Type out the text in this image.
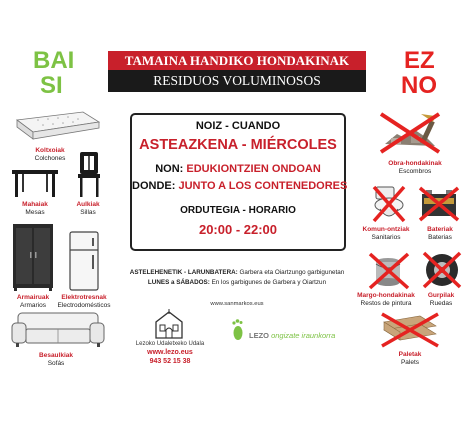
BAI
SI
EZ
NO
TAMAINA HANDIKO HONDAKINAK
RESIDUOS VOLUMINOSOS
NOIZ - CUANDO
ASTEAZKENA - MIÉRCOLES
NON: EDUKIONTZIEN ONDOAN
DONDE: JUNTO A LOS CONTENEDORES
ORDUTEGIA - HORARIO
20:00 - 22:00
ASTELEHENETIK - LARUNBATERA: Garbera eta Oiartzungo garbigunetan
LUNES a SÁBADOS: En los garbigunes de Garbera y Oiartzun
www.sanmarkos.eus
Lezoko Udaletxeko Udala
www.lezo.eus
943 52 15 38
LEZO ongizate iraunkorra
Koltxoiak
Colchones
Mahaiak
Mesas
Aulkiak
Sillas
Armairuak
Armarios
Elektrotresnak
Electrodomésticos
Besaulkiak
Sofás
Obra-hondakinak
Escombros
Komun-ontziak
Sanitarios
Bateriak
Baterias
Margo-hondakinak
Restos de pintura
Gurpilak
Ruedas
Paletak
Palets
